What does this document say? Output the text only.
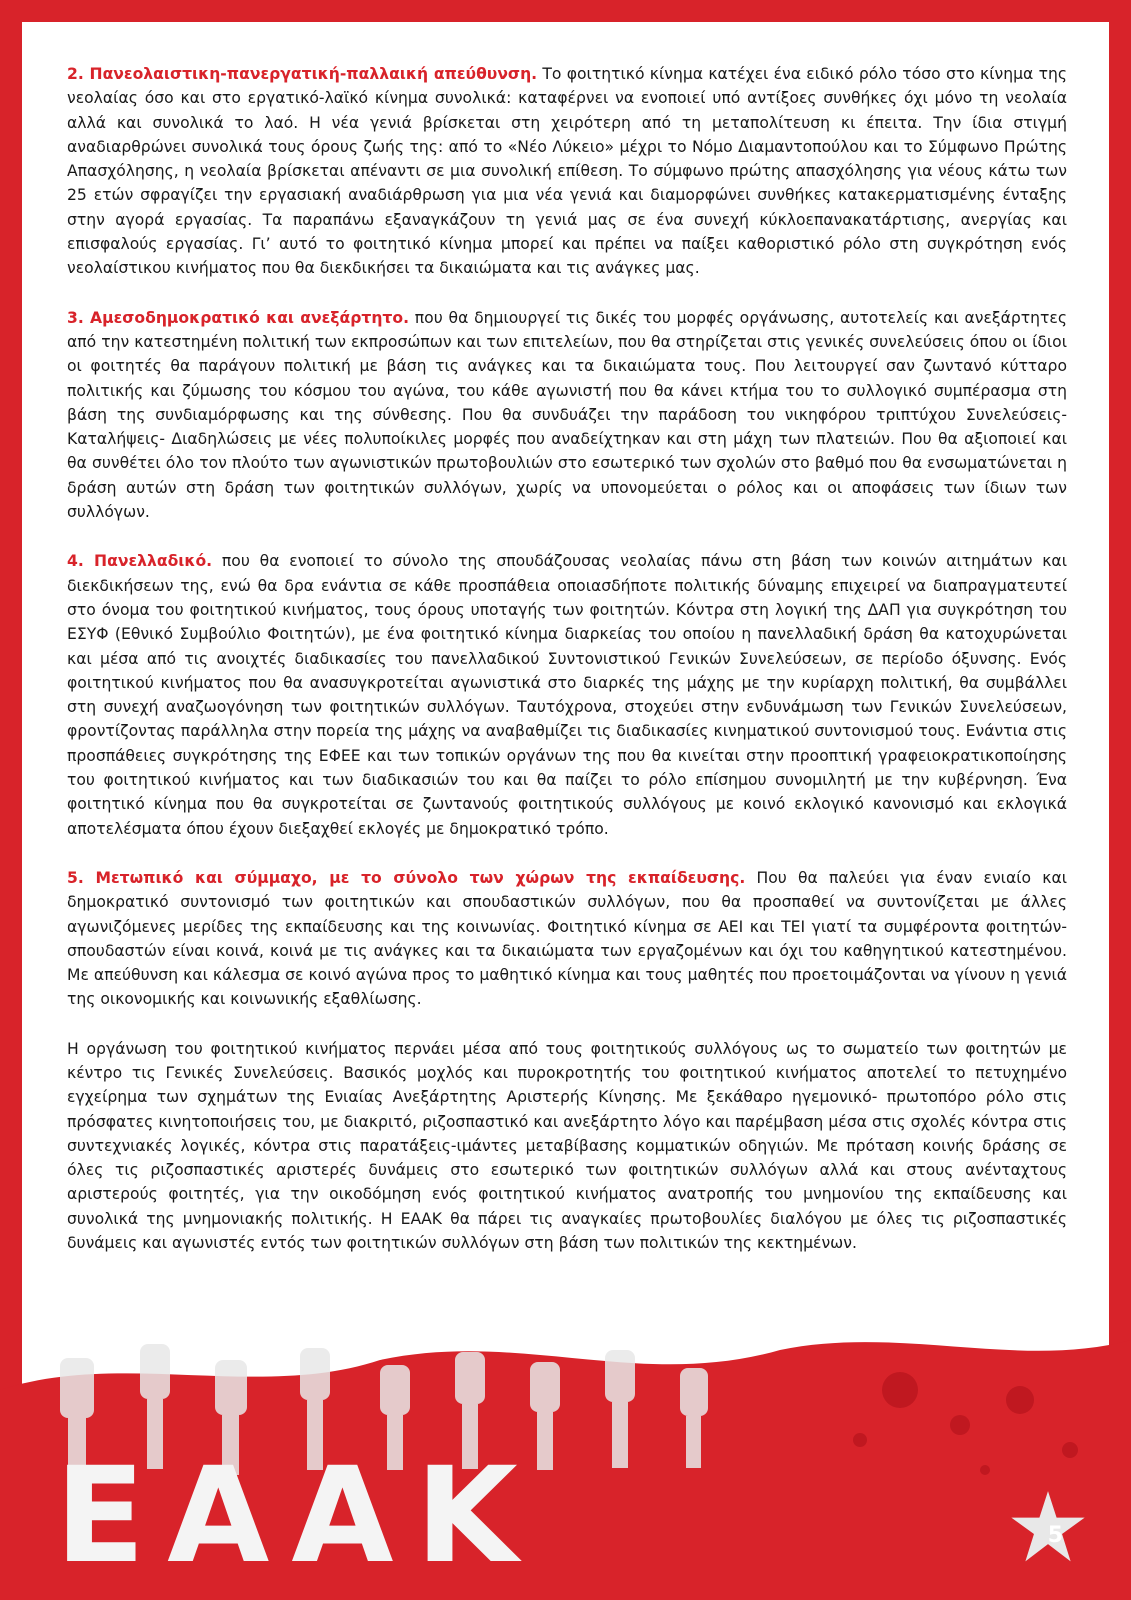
2. Πανεολαιστικη-πανεργατική-παλλαική απεύθυνση. Το φοιτητικό κίνημα κατέχει ένα ειδικό ρόλο τόσο στο κίνημα της νεολαίας όσο και στο εργατικό-λαϊκό κίνημα συνολικά: καταφέρνει να ενοποιεί υπό αντίξοες συνθήκες όχι μόνο τη νεολαία αλλά και συνολικά το λαό. Η νέα γενιά βρίσκεται στη χειρότερη από τη μεταπολίτευση κι έπειτα. Την ίδια στιγμή αναδιαρθρώνει συνολικά τους όρους ζωής της: από το «Νέο Λύκειο» μέχρι το Νόμο Διαμαντοπούλου και το Σύμφωνο Πρώτης Απασχόλησης, η νεολαία βρίσκεται απέναντι σε μια συνολική επίθεση. Το σύμφωνο πρώτης απασχόλησης για νέους κάτω των 25 ετών σφραγίζει την εργασιακή αναδιάρθρωση για μια νέα γενιά και διαμορφώνει συνθήκες κατακερματισμένης ένταξης στην αγορά εργασίας. Τα παραπάνω εξαναγκάζουν τη γενιά μας σε ένα συνεχή κύκλοεπανακατάρτισης, ανεργίας και επισφαλούς εργασίας. Γι’ αυτό το φοιτητικό κίνημα μπορεί και πρέπει να παίξει καθοριστικό ρόλο στη συγκρότηση ενός νεολαίστικου κινήματος που θα διεκδικήσει τα δικαιώματα και τις ανάγκες μας.

3. Αμεσοδημοκρατικό και ανεξάρτητο. που θα δημιουργεί τις δικές του μορφές οργάνωσης, αυτοτελείς και ανεξάρτητες από την κατεστημένη πολιτική των εκπροσώπων και των επιτελείων, που θα στηρίζεται στις γενικές συνελεύσεις όπου οι ίδιοι οι φοιτητές θα παράγουν πολιτική με βάση τις ανάγκες και τα δικαιώματα τους. Που λειτουργεί σαν ζωντανό κύτταρο πολιτικής και ζύμωσης του κόσμου του αγώνα, του κάθε αγωνιστή που θα κάνει κτήμα του το συλλογικό συμπέρασμα στη βάση της συνδιαμόρφωσης και της σύνθεσης. Που θα συνδυάζει την παράδοση του νικηφόρου τριπτύχου Συνελεύσεις-Καταλήψεις- Διαδηλώσεις με νέες πολυποίκιλες μορφές που αναδείχτηκαν και στη μάχη των πλατειών. Που θα αξιοποιεί και θα συνθέτει όλο τον πλούτο των αγωνιστικών πρωτοβουλιών στο εσωτερικό των σχολών στο βαθμό που θα ενσωματώνεται η δράση αυτών στη δράση των φοιτητικών συλλόγων, χωρίς να υπονομεύεται ο ρόλος και οι αποφάσεις των ίδιων των συλλόγων.

4. Πανελλαδικό. που θα ενοποιεί το σύνολο της σπουδάζουσας νεολαίας πάνω στη βάση των κοινών αιτημάτων και διεκδικήσεων της, ενώ θα δρα ενάντια σε κάθε προσπάθεια οποιασδήποτε πολιτικής δύναμης επιχειρεί να διαπραγματευτεί στο όνομα του φοιτητικού κινήματος, τους όρους υποταγής των φοιτητών. Κόντρα στη λογική της ΔΑΠ για συγκρότηση του ΕΣΥΦ (Εθνικό Συμβούλιο Φοιτητών), με ένα φοιτητικό κίνημα διαρκείας του οποίου η πανελλαδική δράση θα κατοχυρώνεται και μέσα από τις ανοιχτές διαδικασίες του πανελλαδικού Συντονιστικού Γενικών Συνελεύσεων, σε περίοδο όξυνσης. Ενός φοιτητικού κινήματος που θα ανασυγκροτείται αγωνιστικά στο διαρκές της μάχης με την κυρίαρχη πολιτική, θα συμβάλλει στη συνεχή αναζωογόνηση των φοιτητικών συλλόγων. Ταυτόχρονα, στοχεύει στην ενδυνάμωση των Γενικών Συνελεύσεων, φροντίζοντας παράλληλα στην πορεία της μάχης να αναβαθμίζει τις διαδικασίες κινηματικού συντονισμού τους. Ενάντια στις προσπάθειες συγκρότησης της ΕΦΕΕ και των τοπικών οργάνων της που θα κινείται στην προοπτική γραφειοκρατικοποίησης του φοιτητικού κινήματος και των διαδικασιών του και θα παίζει το ρόλο επίσημου συνομιλητή με την κυβέρνηση. Ένα φοιτητικό κίνημα που θα συγκροτείται σε ζωντανούς φοιτητικούς συλλόγους με κοινό εκλογικό κανονισμό και εκλογικά αποτελέσματα όπου έχουν διεξαχθεί εκλογές με δημοκρατικό τρόπο.

5. Μετωπικό και σύμμαχο, με το σύνολο των χώρων της εκπαίδευσης. Που θα παλεύει για έναν ενιαίο και δημοκρατικό συντονισμό των φοιτητικών και σπουδαστικών συλλόγων, που θα προσπαθεί να συντονίζεται με άλλες αγωνιζόμενες μερίδες της εκπαίδευσης και της κοινωνίας. Φοιτητικό κίνημα σε ΑΕΙ και ΤΕΙ γιατί τα συμφέροντα φοιτητών-σπουδαστών είναι κοινά, κοινά με τις ανάγκες και τα δικαιώματα των εργαζομένων και όχι του καθηγητικού κατεστημένου. Με απεύθυνση και κάλεσμα σε κοινό αγώνα προς το μαθητικό κίνημα και τους μαθητές που προετοιμάζονται να γίνουν η γενιά της οικονομικής και κοινωνικής εξαθλίωσης.

Η οργάνωση του φοιτητικού κινήματος περνάει μέσα από τους φοιτητικούς συλλόγους ως το σωματείο των φοιτητών με κέντρο τις Γενικές Συνελεύσεις. Βασικός μοχλός και πυροκροτητής του φοιτητικού κινήματος αποτελεί το πετυχημένο εγχείρημα των σχημάτων της Ενιαίας Ανεξάρτητης Αριστερής Κίνησης. Με ξεκάθαρο ηγεμονικό- πρωτοπόρο ρόλο στις πρόσφατες κινητοποιήσεις του, με διακριτό, ριζοσπαστικό και ανεξάρτητο λόγο και παρέμβαση μέσα στις σχολές κόντρα στις συντεχνιακές λογικές, κόντρα στις παρατάξεις-ιμάντες μεταβίβασης κομματικών οδηγιών. Με πρόταση κοινής δράσης σε όλες τις ριζοσπαστικές αριστερές δυνάμεις στο εσωτερικό των φοιτητικών συλλόγων αλλά και στους ανένταχτους αριστερούς φοιτητές, για την οικοδόμηση ενός φοιτητικού κινήματος ανατροπής του μνημονίου της εκπαίδευσης και συνολικά της μνημονιακής πολιτικής. Η ΕΑΑΚ θα πάρει τις αναγκαίες πρωτοβουλίες διαλόγου με όλες τις ριζοσπαστικές δυνάμεις και αγωνιστές εντός των φοιτητικών συλλόγων στη βάση των πολιτικών της κεκτημένων.

ΕΑΑΚ	5
